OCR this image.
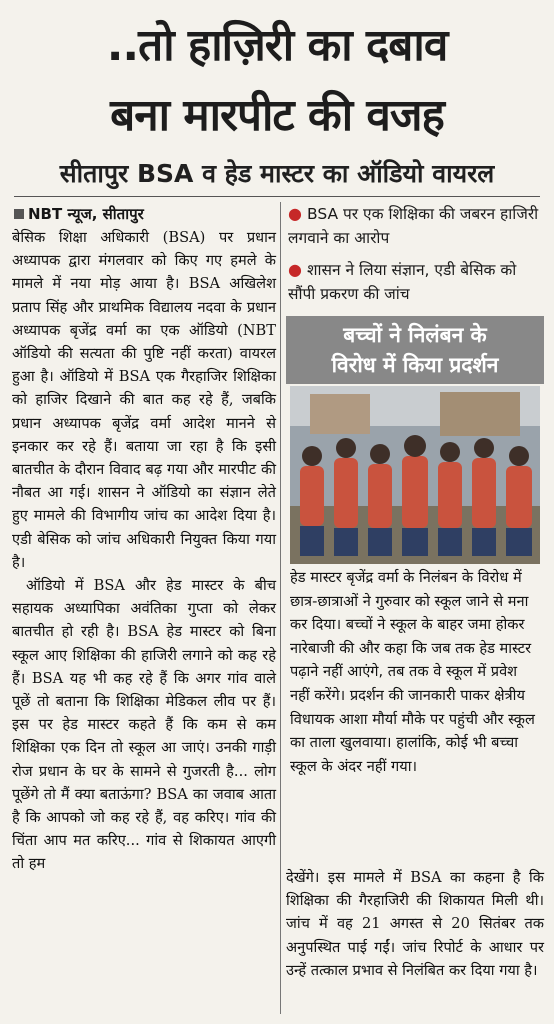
..तो हाज़िरी का दबाव
बना मारपीट की वजह
सीतापुर BSA व हेड मास्टर का ऑडियो वायरल
NBT न्यूज, सीतापुर

बेसिक शिक्षा अधिकारी (BSA) पर प्रधान अध्यापक द्वारा मंगलवार को किए गए हमले के मामले में नया मोड़ आया है। BSA अखिलेश प्रताप सिंह और प्राथमिक विद्यालय नदवा के प्रधान अध्यापक बृजेंद्र वर्मा का एक ऑडियो (NBT ऑडियो की सत्यता की पुष्टि नहीं करता) वायरल हुआ है। ऑडियो में BSA एक गैरहाजिर शिक्षिका को हाजिर दिखाने की बात कह रहे हैं, जबकि प्रधान अध्यापक बृजेंद्र वर्मा आदेश मानने से इनकार कर रहे हैं। बताया जा रहा है कि इसी बातचीत के दौरान विवाद बढ़ गया और मारपीट की नौबत आ गई। शासन ने ऑडियो का संज्ञान लेते हुए मामले की विभागीय जांच का आदेश दिया है। एडी बेसिक को जांच अधिकारी नियुक्त किया गया है।

ऑडियो में BSA और हेड मास्टर के बीच सहायक अध्यापिका अवंतिका गुप्ता को लेकर बातचीत हो रही है। BSA हेड मास्टर को बिना स्कूल आए शिक्षिका की हाजिरी लगाने को कह रहे हैं। BSA यह भी कह रहे हैं कि अगर गांव वाले पूछें तो बताना कि शिक्षिका मेडिकल लीव पर हैं। इस पर हेड मास्टर कहते हैं कि कम से कम शिक्षिका एक दिन तो स्कूल आ जाएं। उनकी गाड़ी रोज प्रधान के घर के सामने से गुजरती है... लोग पूछेंगे तो मैं क्या बताऊंगा? BSA का जवाब आता है कि आपको जो कह रहे हैं, वह करिए। गांव की चिंता आप मत करिए... गांव से शिकायत आएगी तो हम

● BSA पर एक शिक्षिका की जबरन हाजिरी लगवाने का आरोप
● शासन ने लिया संज्ञान, एडी बेसिक को सौंपी प्रकरण की जांच
बच्चों ने निलंबन के
विरोध में किया प्रदर्शन
हेड मास्टर बृजेंद्र वर्मा के निलंबन के विरोध में छात्र-छात्राओं ने गुरुवार को स्कूल जाने से मना कर दिया। बच्चों ने स्कूल के बाहर जमा होकर नारेबाजी की और कहा कि जब तक हेड मास्टर पढ़ाने नहीं आएंगे, तब तक वे स्कूल में प्रवेश नहीं करेंगे। प्रदर्शन की जानकारी पाकर क्षेत्रीय विधायक आशा मौर्या मौके पर पहुंची और स्कूल का ताला खुलवाया। हालांकि, कोई भी बच्चा स्कूल के अंदर नहीं गया।

देखेंगे। इस मामले में BSA का कहना है कि शिक्षिका की गैरहाजिरी की शिकायत मिली थी। जांच में वह 21 अगस्त से 20 सितंबर तक अनुपस्थित पाई गईं। जांच रिपोर्ट के आधार पर उन्हें तत्काल प्रभाव से निलंबित कर दिया गया है।
